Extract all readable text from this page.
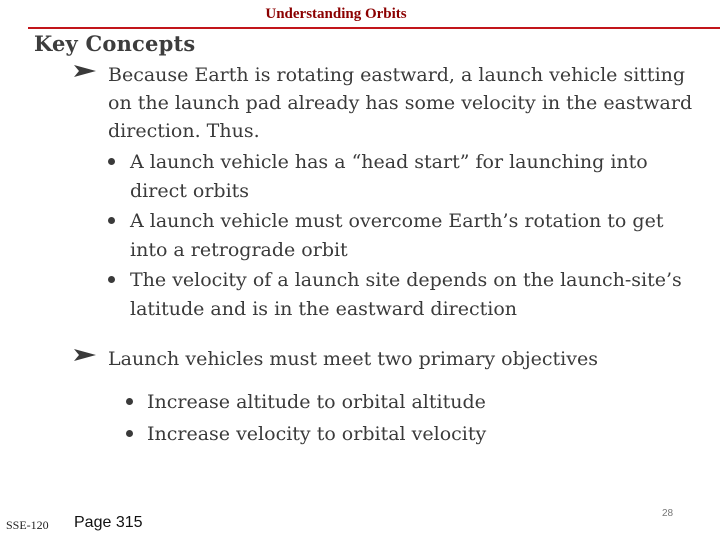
Understanding Orbits
Key Concepts
Because Earth is rotating eastward, a launch vehicle sitting on the launch pad already has some velocity in the eastward direction. Thus.
A launch vehicle has a “head start” for launching into direct orbits
A launch vehicle must overcome Earth’s rotation to get into a retrograde orbit
The velocity of a launch site depends on the launch-site’s latitude and is in the eastward direction
Launch vehicles must meet two primary objectives
Increase altitude to orbital altitude
Increase velocity to orbital velocity

SSE-120 Page 315

28
